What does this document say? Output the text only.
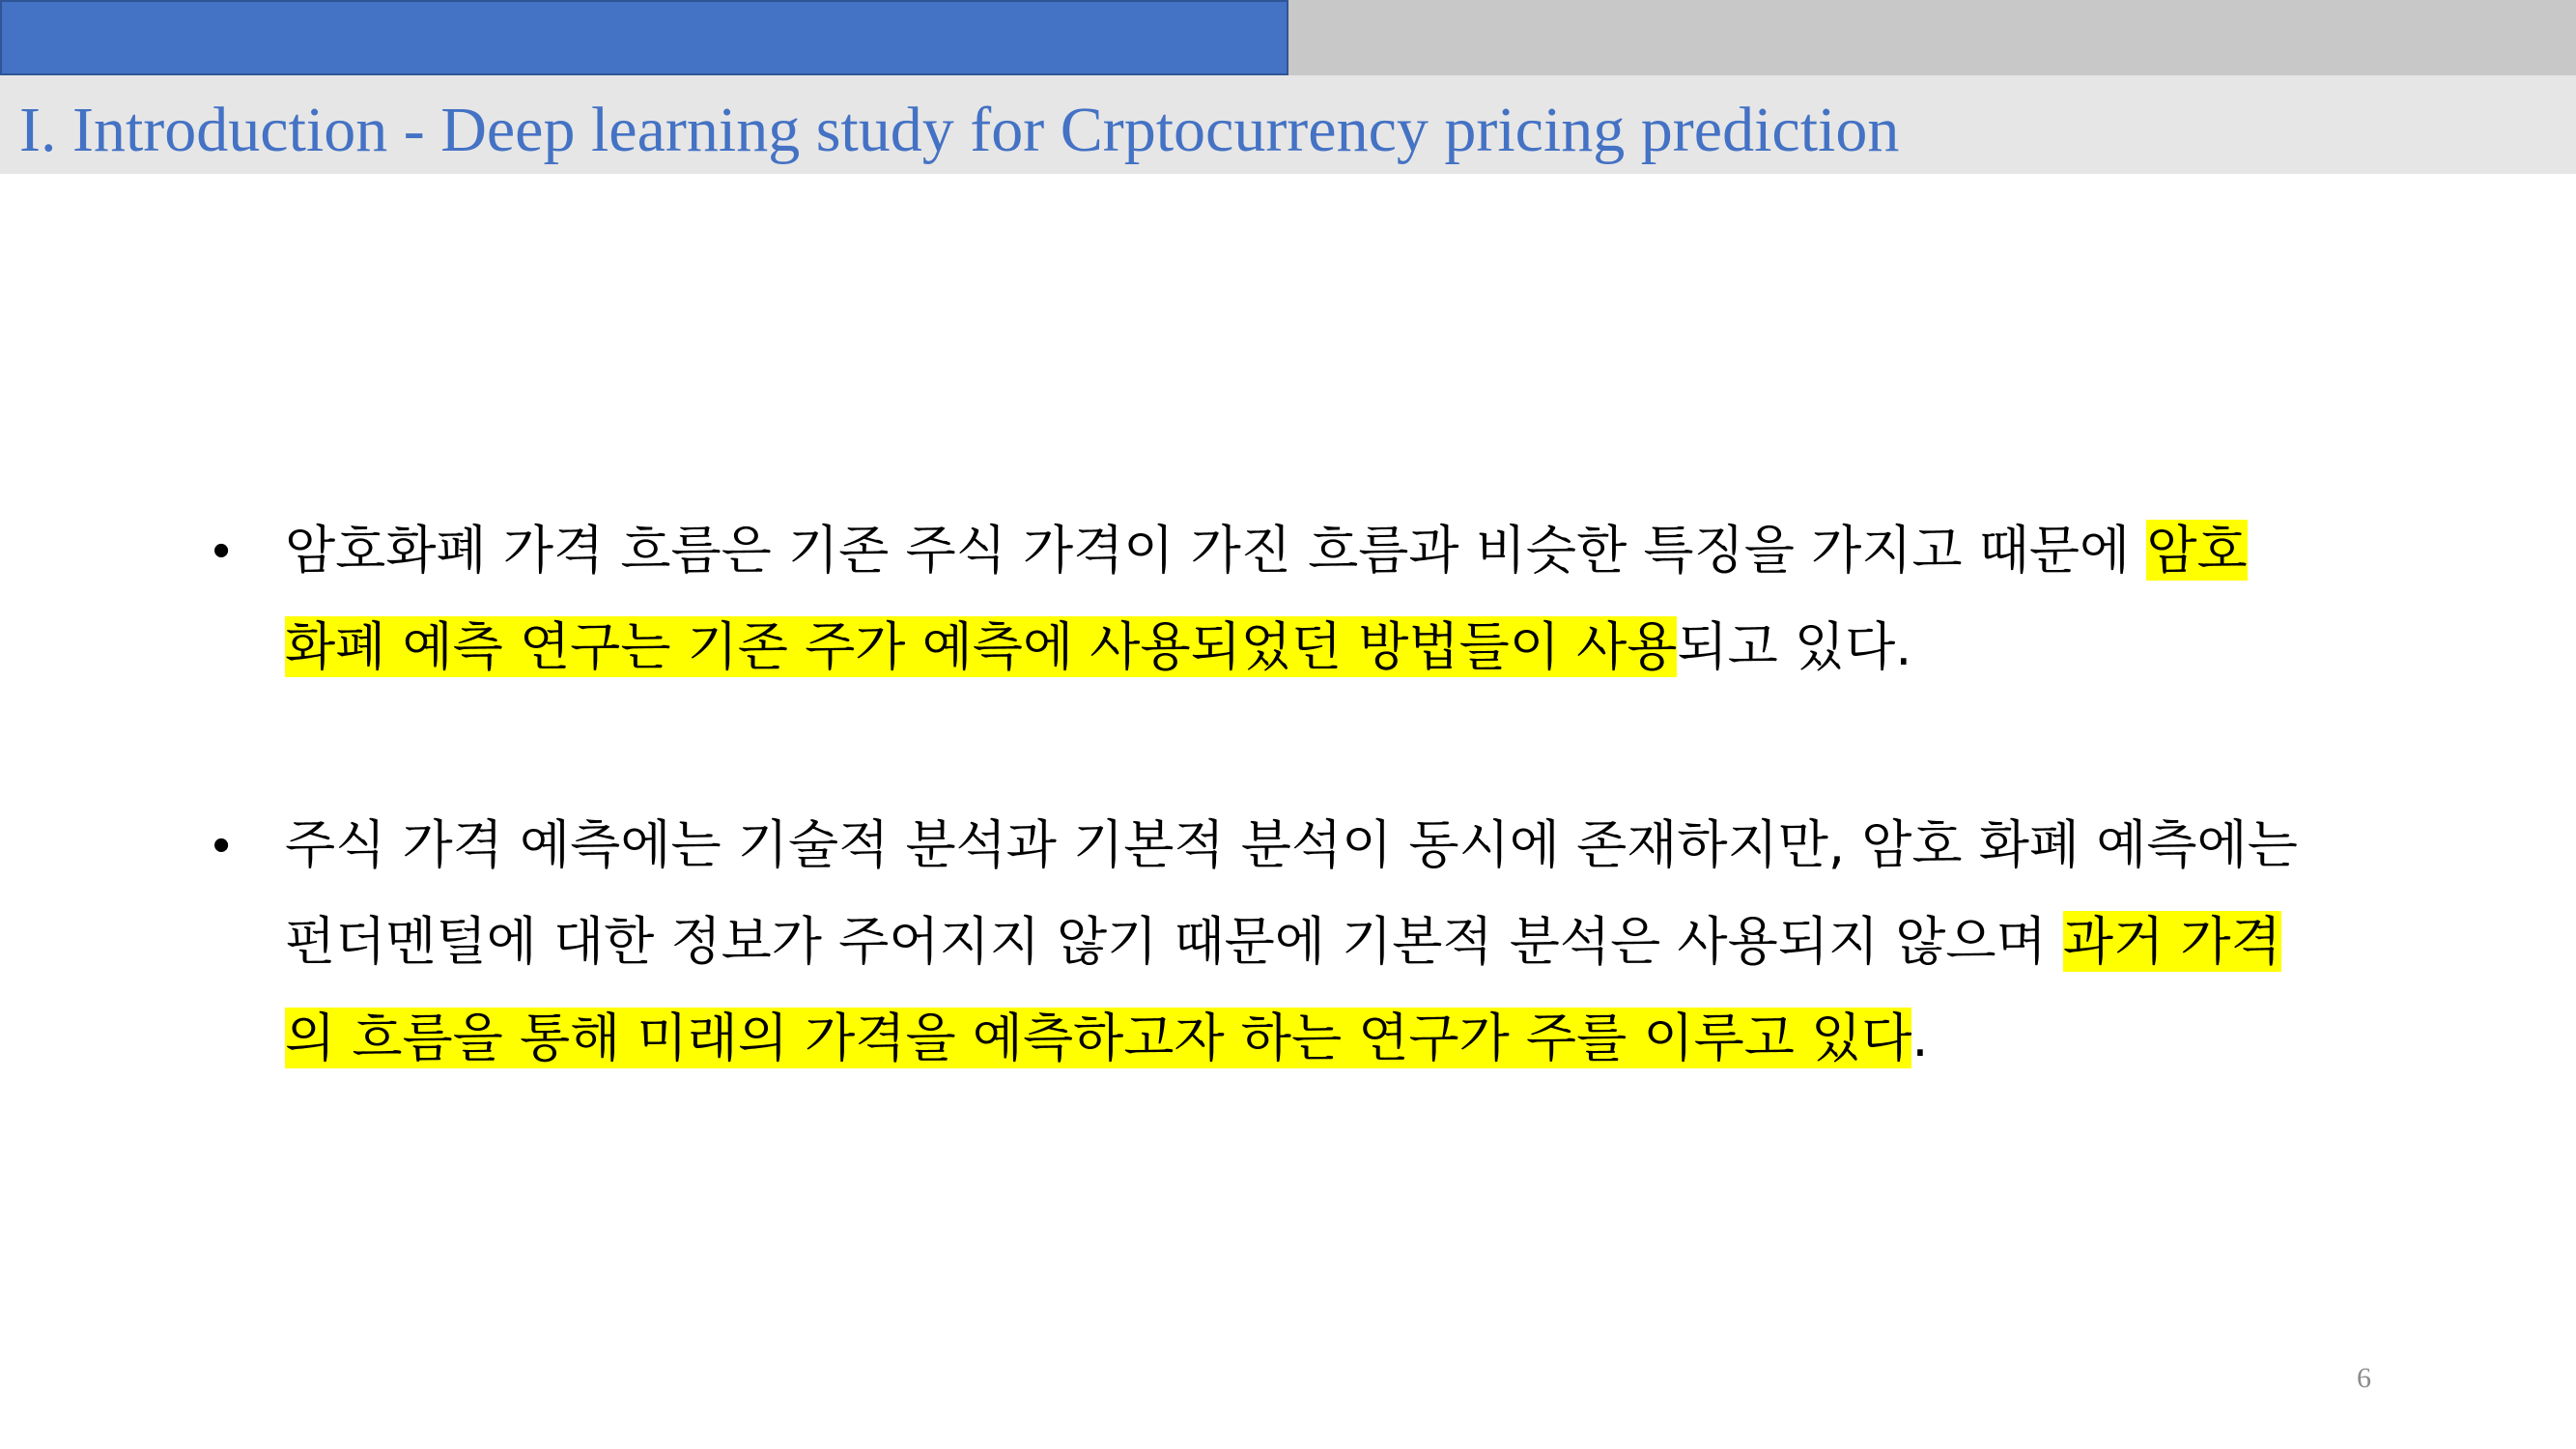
I. Introduction - Deep learning study for Crptocurrency pricing prediction
• 암호화폐 가격 흐름은 기존 주식 가격이 가진 흐름과 비슷한 특징을 가지고 때문에 암호 화폐 예측 연구는 기존 주가 예측에 사용되었던 방법들이 사용되고 있다.

• 주식 가격 예측에는 기술적 분석과 기본적 분석이 동시에 존재하지만, 암호 화폐 예측에는 펀더멘털에 대한 정보가 주어지지 않기 때문에 기본적 분석은 사용되지 않으며 과거 가격의 흐름을 통해 미래의 가격을 예측하고자 하는 연구가 주를 이루고 있다.

6
